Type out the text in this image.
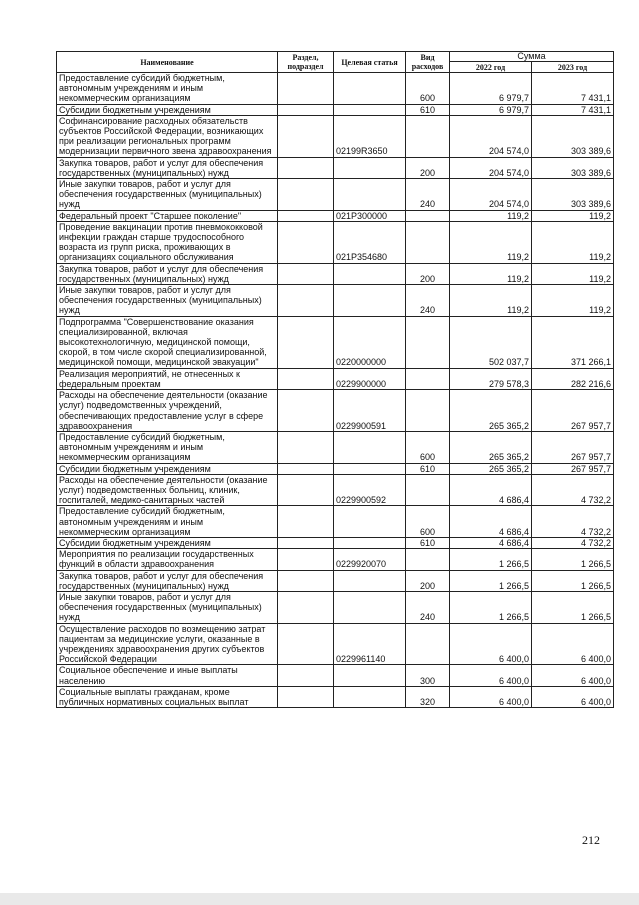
Наименование	Раздел, подраздел	Целевая статья	Вид расходов	Сумма	
				2022 год	2023 год
Предоставление субсидий бюджетным, автономным учреждениям и иным некоммерческим организациям			600	6 979,7	7 431,1
Субсидии бюджетным учреждениям			610	6 979,7	7 431,1
Софинансирование расходных обязательств субъектов Российской Федерации, возникающих при реализации региональных программ модернизации первичного звена здравоохранения		02199R3650		204 574,0	303 389,6
Закупка товаров, работ и услуг для обеспечения государственных (муниципальных) нужд			200	204 574,0	303 389,6
Иные закупки товаров, работ и услуг для обеспечения государственных (муниципальных) нужд			240	204 574,0	303 389,6
Федеральный проект "Старшее поколение"		021P300000		119,2	119,2
Проведение вакцинации против пневмококковой инфекции граждан старше трудоспособного возраста из групп риска, проживающих в организациях социального обслуживания		021P354680		119,2	119,2
Закупка товаров, работ и услуг для обеспечения государственных (муниципальных) нужд			200	119,2	119,2
Иные закупки товаров, работ и услуг для обеспечения государственных (муниципальных) нужд			240	119,2	119,2
Подпрограмма "Совершенствование оказания специализированной, включая высокотехнологичную, медицинской помощи, скорой, в том числе скорой специализированной, медицинской помощи, медицинской эвакуации"		0220000000		502 037,7	371 266,1
Реализация мероприятий, не отнесенных к федеральным проектам		0229900000		279 578,3	282 216,6
Расходы на обеспечение деятельности (оказание услуг) подведомственных учреждений, обеспечивающих предоставление услуг в сфере здравоохранения		0229900591		265 365,2	267 957,7
Предоставление субсидий бюджетным, автономным учреждениям и иным некоммерческим организациям			600	265 365,2	267 957,7
Субсидии бюджетным учреждениям			610	265 365,2	267 957,7
Расходы на обеспечение деятельности (оказание услуг) подведомственных больниц, клиник, госпиталей, медико-санитарных частей		0229900592		4 686,4	4 732,2
Предоставление субсидий бюджетным, автономным учреждениям и иным некоммерческим организациям			600	4 686,4	4 732,2
Субсидии бюджетным учреждениям			610	4 686,4	4 732,2
Мероприятия по реализации государственных функций в области здравоохранения		0229920070		1 266,5	1 266,5
Закупка товаров, работ и услуг для обеспечения государственных (муниципальных) нужд			200	1 266,5	1 266,5
Иные закупки товаров, работ и услуг для обеспечения государственных (муниципальных) нужд			240	1 266,5	1 266,5
Осуществление расходов по возмещению затрат пациентам за медицинские услуги, оказанные в учреждениях здравоохранения других субъектов Российской Федерации		0229961140		6 400,0	6 400,0
Социальное обеспечение и иные выплаты населению			300	6 400,0	6 400,0
Социальные выплаты гражданам, кроме публичных нормативных социальных выплат			320	6 400,0	6 400,0
212
